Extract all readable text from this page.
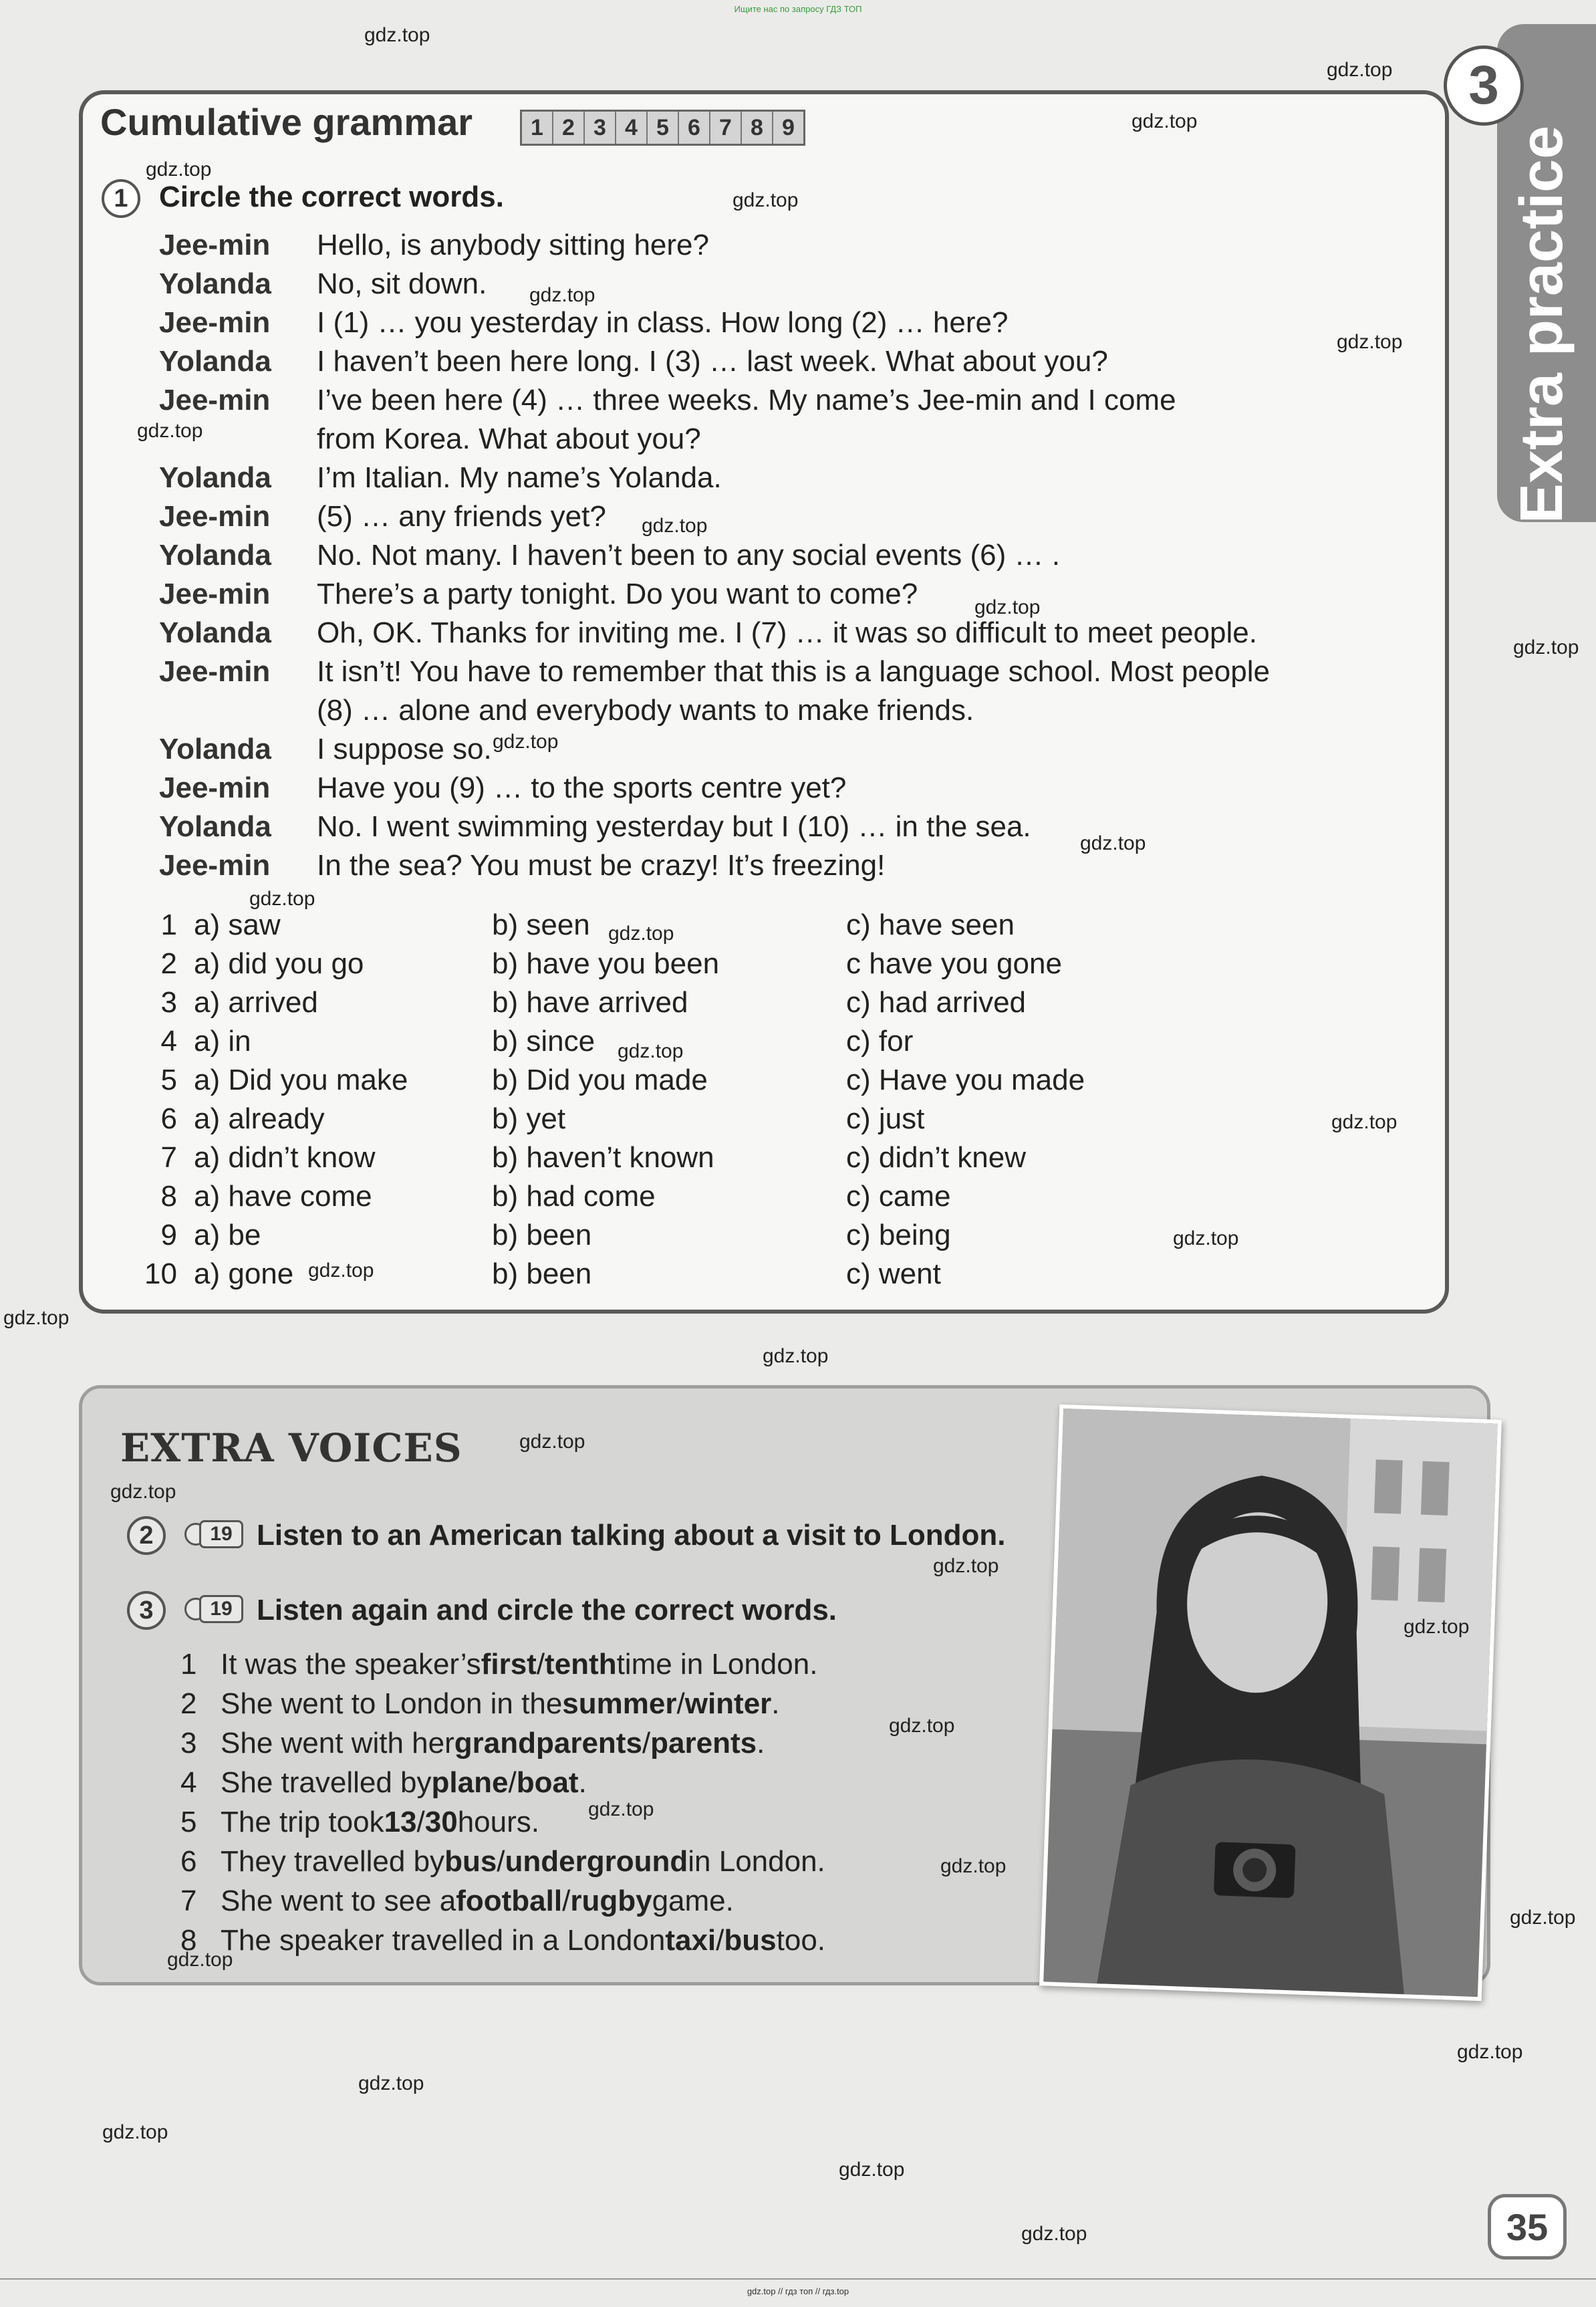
Ищите нас по запросу ГДЗ ТОП
Extra practice
3
Cumulative grammar	1 2 3 4 5 6 7 8 9
1	Circle the correct words.
Jee-min	Hello, is anybody sitting here?
Yolanda	No, sit down.
Jee-min	I (1) … you yesterday in class. How long (2) … here?
Yolanda	I haven’t been here long. I (3) … last week. What about you?
Jee-min	I’ve been here (4) … three weeks. My name’s Jee-min and I come
from Korea. What about you?
Yolanda	I’m Italian. My name’s Yolanda.
Jee-min	(5) … any friends yet?
Yolanda	No. Not many. I haven’t been to any social events (6) … .
Jee-min	There’s a party tonight. Do you want to come?
Yolanda	Oh, OK. Thanks for inviting me. I (7) … it was so difficult to meet people.
Jee-min	It isn’t! You have to remember that this is a language school. Most people
(8) … alone and everybody wants to make friends.
Yolanda	I suppose so.
Jee-min	Have you (9) … to the sports centre yet?
Yolanda	No. I went swimming yesterday but I (10) … in the sea.
Jee-min	In the sea? You must be crazy! It’s freezing!
1 a) saw	b) seen	c) have seen
2 a) did you go	b) have you been	c have you gone
3 a) arrived	b) have arrived	c) had arrived
4 a) in	b) since	c) for
5 a) Did you make	b) Did you made	c) Have you made
6 a) already	b) yet	c) just
7 a) didn’t know	b) haven’t known	c) didn’t knew
8 a) have come	b) had come	c) came
9 a) be	b) been	c) being
10 a) gone	b) been	c) went
EXTRA VOICES
2	19 Listen to an American talking about a visit to London.
3	19 Listen again and circle the correct words.
1 It was the speaker’s first / tenth time in London.
2 She went to London in the summer / winter .
3 She went with her grandparents / parents .
4 She travelled by plane / boat .
5 The trip took 13 / 30 hours.
6 They travelled by bus / underground in London.
7 She went to see a football / rugby game.
8 The speaker travelled in a London taxi / bus too.
35
gdz.top
gdz.top
gdz.top
gdz.top
gdz.top
gdz.top
gdz.top
gdz.top
gdz.top
gdz.top
gdz.top
gdz.top
gdz.top
gdz.top
gdz.top
gdz.top
gdz.top
gdz.top
gdz.top
gdz.top
gdz.top
gdz.top
gdz.top
gdz.top
gdz.top
gdz.top
gdz.top
gdz.top
gdz.top
gdz.top
gdz.top
gdz.top
gdz.top
gdz.top
gdz.top
gdz.top // гдз топ // гдз.top
